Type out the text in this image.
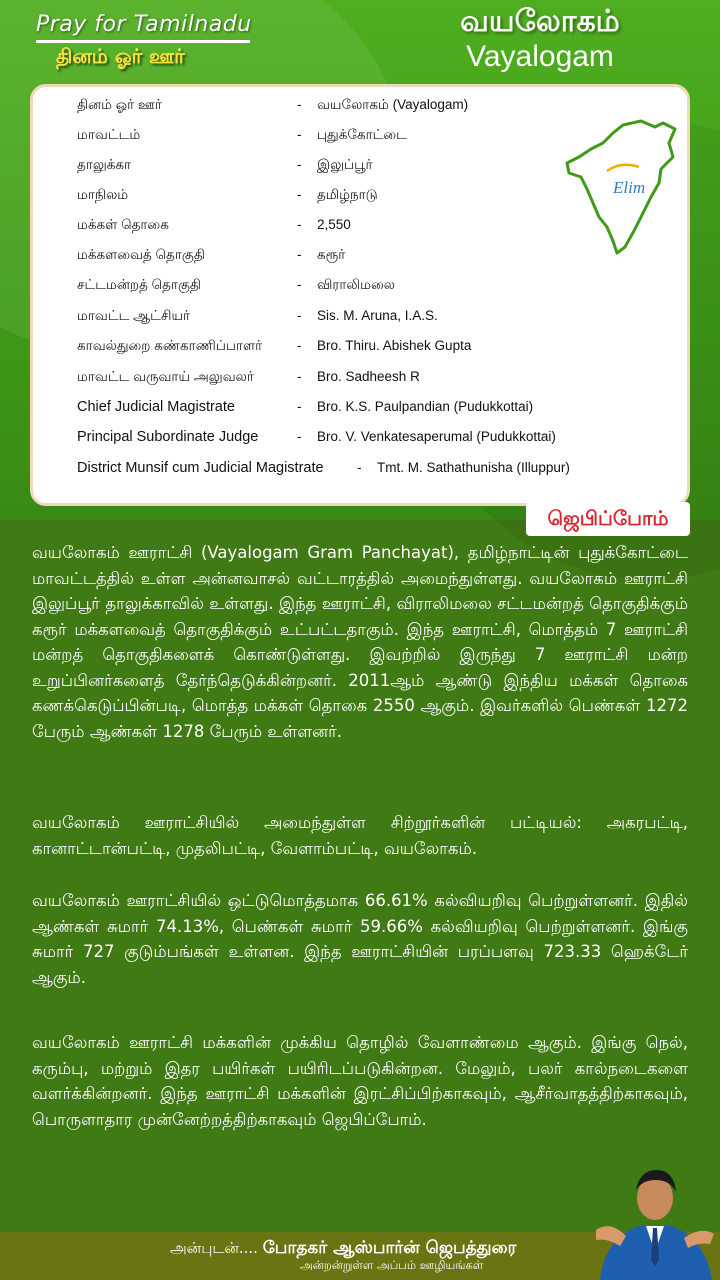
Pray for Tamilnadu
தினம் ஓர் ஊர்
வயலோகம்
Vayalogam
தினம் ஓர் ஊர்	- வயலோகம் (Vayalogam)
மாவட்டம்	- புதுக்கோட்டை
தாலுக்கா	- இலுப்பூர்
மாநிலம்	- தமிழ்நாடு
மக்கள் தொகை	- 2,550
மக்களவைத் தொகுதி	- கரூர்
சட்டமன்றத் தொகுதி	- விராலிமலை
மாவட்ட ஆட்சியர்	- Sis. M. Aruna, I.A.S.
காவல்துறை கண்காணிப்பாளர்	- Bro. Thiru. Abishek Gupta
மாவட்ட வருவாய் அலுவலர்	- Bro. Sadheesh R
Chief Judicial Magistrate	- Bro. K.S. Paulpandian (Pudukkottai)
Principal Subordinate Judge	- Bro. V. Venkatesaperumal (Pudukkottai)
District Munsif cum Judicial Magistrate - Tmt. M. Sathathunisha (Illuppur)
Elim
ஜெபிப்போம்
வயலோகம் ஊராட்சி (Vayalogam Gram Panchayat), தமிழ்நாட்டின் புதுக்கோட்டை மாவட்டத்தில் உள்ள அன்னவாசல் வட்டாரத்தில் அமைந்துள்ளது. வயலோகம் ஊராட்சி இலுப்பூர் தாலுக்காவில் உள்ளது. இந்த ஊராட்சி, விராலிமலை சட்டமன்றத் தொகுதிக்கும் கரூர் மக்களவைத் தொகுதிக்கும் உட்பட்டதாகும். இந்த ஊராட்சி, மொத்தம் 7 ஊராட்சி மன்றத் தொகுதிகளைக் கொண்டுள்ளது. இவற்றில் இருந்து 7 ஊராட்சி மன்ற உறுப்பினர்களைத் தேர்ந்தெடுக்கின்றனர். 2011ஆம் ஆண்டு இந்திய மக்கள் தொகை கணக்கெடுப்பின்படி, மொத்த மக்கள் தொகை 2550 ஆகும். இவர்களில் பெண்கள் 1272 பேரும் ஆண்கள் 1278 பேரும் உள்ளனர்.
வயலோகம் ஊராட்சியில் அமைந்துள்ள சிற்றூர்களின் பட்டியல்: அகரபட்டி, கானாட்டான்பட்டி, முதலிபட்டி, வேளாம்பட்டி, வயலோகம்.
வயலோகம் ஊராட்சியில் ஒட்டுமொத்தமாக 66.61% கல்வியறிவு பெற்றுள்ளனர். இதில் ஆண்கள் சுமார் 74.13%, பெண்கள் சுமார் 59.66% கல்வியறிவு பெற்றுள்ளனர். இங்கு சுமார் 727 குடும்பங்கள் உள்ளன. இந்த ஊராட்சியின் பரப்பளவு 723.33 ஹெக்டேர் ஆகும்.
வயலோகம் ஊராட்சி மக்களின் முக்கிய தொழில் வேளாண்மை ஆகும். இங்கு நெல், கரும்பு, மற்றும் இதர பயிர்கள் பயிரிடப்படுகின்றன. மேலும், பலர் கால்நடைகளை வளர்க்கின்றனர். இந்த ஊராட்சி மக்களின் இரட்சிப்பிற்காகவும், ஆசீர்வாதத்திற்காகவும், பொருளாதார முன்னேற்றத்திற்காகவும் ஜெபிப்போம்.
அன்புடன்.... போதகர் ஆஸ்பார்ன் ஜெபத்துரை
அன்றன்றுள்ள அப்பம் ஊழியங்கள்
